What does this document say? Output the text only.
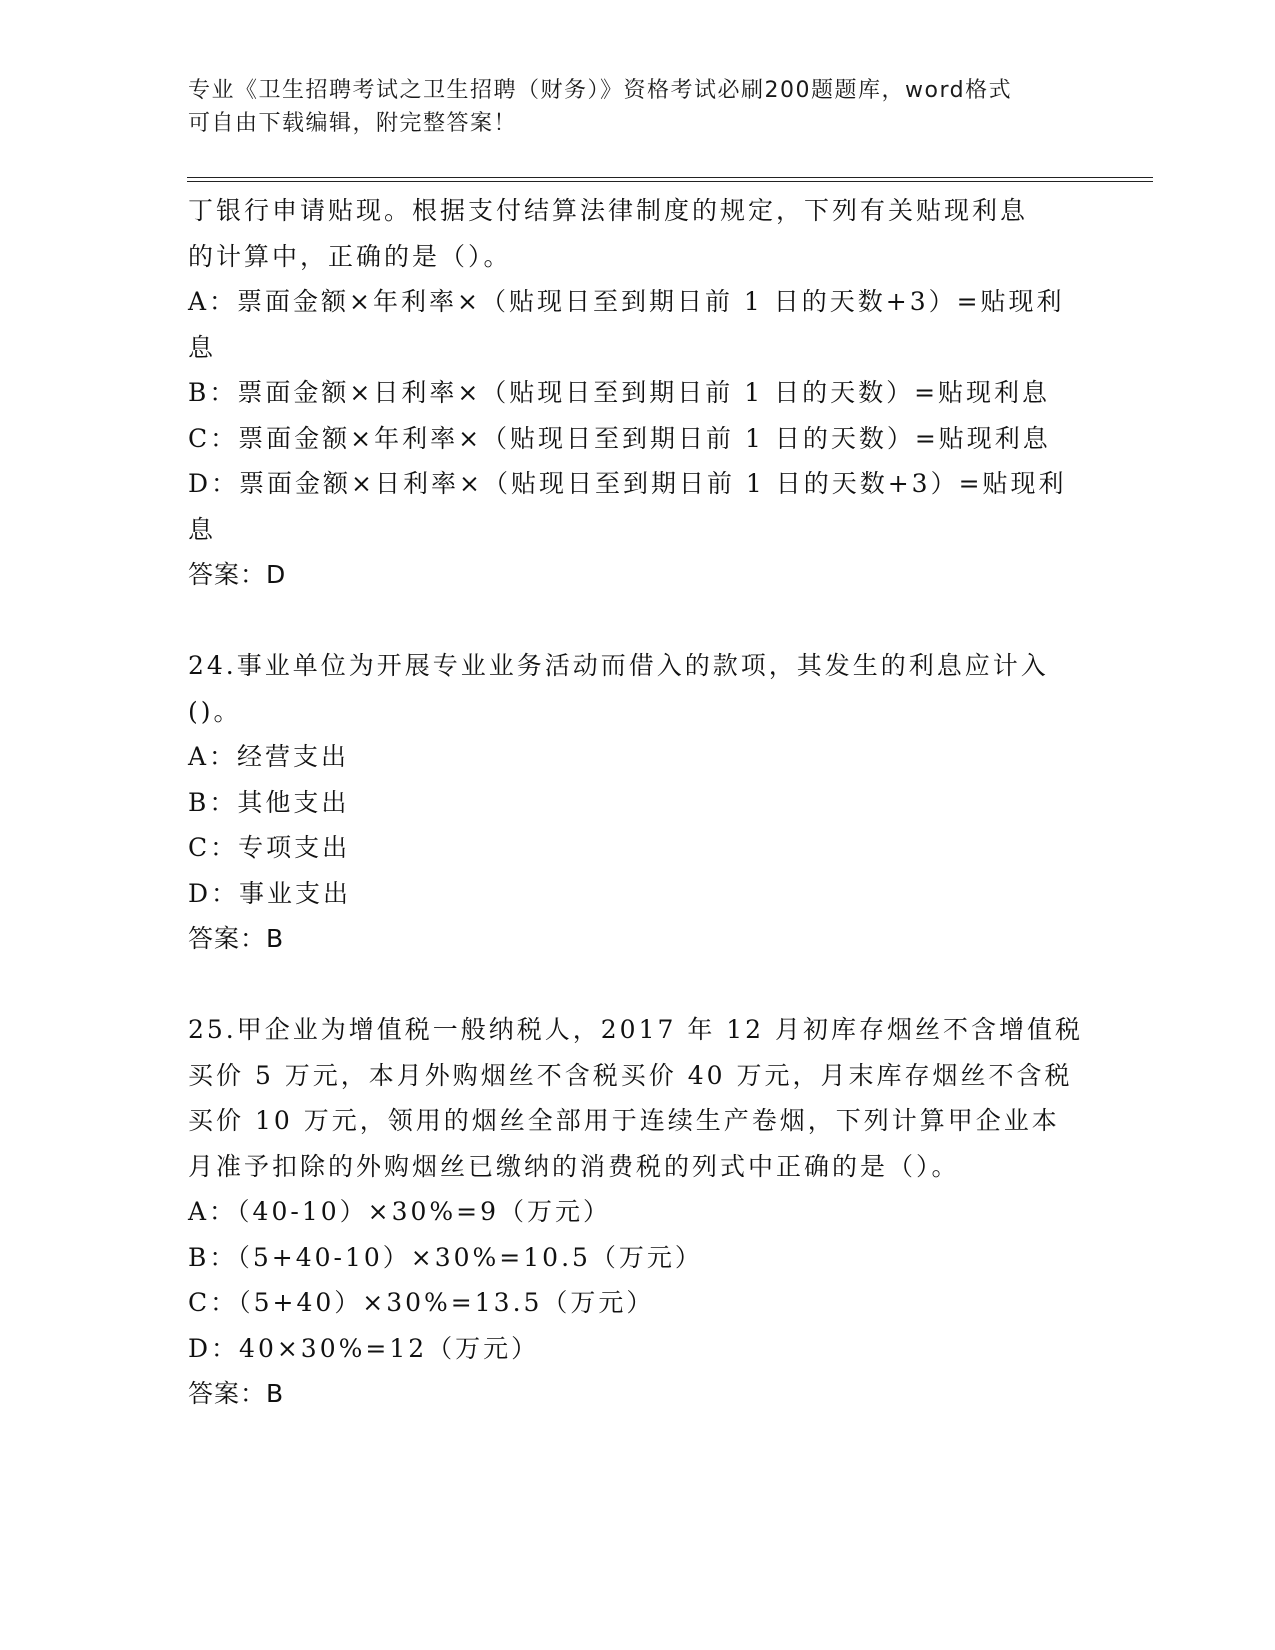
专业《卫生招聘考试之卫生招聘（财务）》资格考试必刷200题题库，word格式
可自由下载编辑，附完整答案！
丁银行申请贴现。根据支付结算法律制度的规定，下列有关贴现利息
的计算中，正确的是（）。
A：票面金额×年利率×（贴现日至到期日前 1 日的天数+3）=贴现利
息
B：票面金额×日利率×（贴现日至到期日前 1 日的天数）=贴现利息
C：票面金额×年利率×（贴现日至到期日前 1 日的天数）=贴现利息
D：票面金额×日利率×（贴现日至到期日前 1 日的天数+3）=贴现利
息
答案：D
24.事业单位为开展专业业务活动而借入的款项，其发生的利息应计入
()。
A：经营支出
B：其他支出
C：专项支出
D：事业支出
答案：B
25.甲企业为增值税一般纳税人，2017 年 12 月初库存烟丝不含增值税
买价 5 万元，本月外购烟丝不含税买价 40 万元，月末库存烟丝不含税
买价 10 万元，领用的烟丝全部用于连续生产卷烟，下列计算甲企业本
月准予扣除的外购烟丝已缴纳的消费税的列式中正确的是（）。
A：（40-10）×30%=9（万元）
B：（5+40-10）×30%=10.5（万元）
C：（5+40）×30%=13.5（万元）
D：40×30%=12（万元）
答案：B
